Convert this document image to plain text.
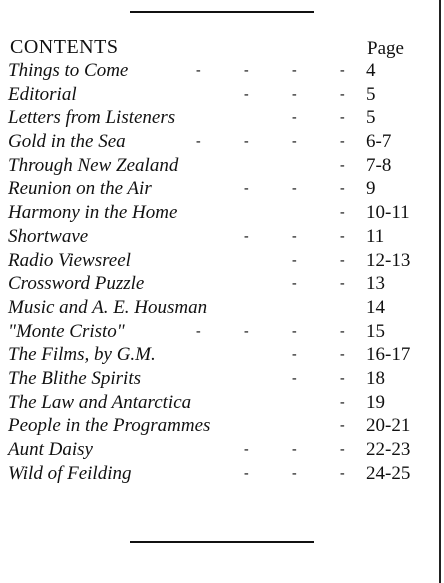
CONTENTS	Page
Things to Come	-	-	-	- 4
Editorial	-	-	- 5
Letters from Listeners	-	- 5
Gold in the Sea	-	-	-	- 6-7
Through New Zealand	- 7-8
Reunion on the Air	-	-	- 9
Harmony in the Home	- 10-11
Shortwave	-	-	- 11
Radio Viewsreel	-	- 12-13
Crossword Puzzle	-	- 13
Music and A. E. Housman	14
"Monte Cristo"	-	-	-	- 15
The Films, by G.M.	-	- 16-17
The Blithe Spirits	-	- 18
The Law and Antarctica	- 19
People in the Programmes	- 20-21
Aunt Daisy	-	-	- 22-23
Wild of Feilding	-	-	- 24-25
